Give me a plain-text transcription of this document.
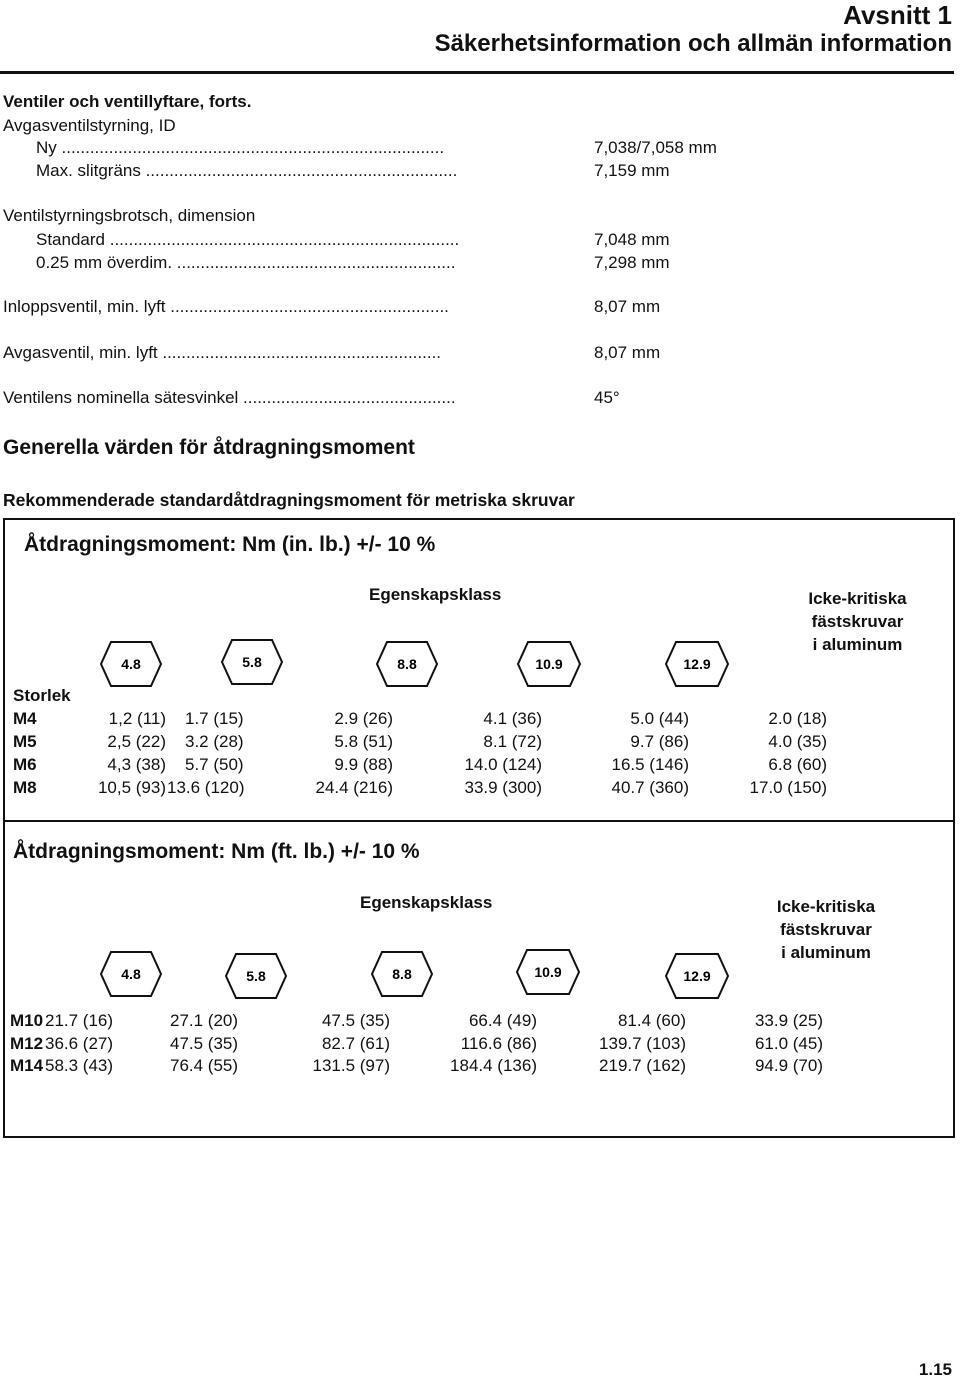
Avsnitt 1
Säkerhetsinformation och allmän information
Ventiler och ventillyftare, forts.
Avgasventilstyrning, ID
Ny .................................................................................	7,038/7,058 mm
Max. slitgräns ..................................................................	7,159 mm
Ventilstyrningsbrotsch, dimension
Standard ..........................................................................	7,048 mm
0.25 mm överdim. ...........................................................	7,298 mm
Inloppsventil, min. lyft ...........................................................	8,07 mm
Avgasventil, min. lyft ...........................................................	8,07 mm
Ventilens nominella sätesvinkel .............................................	45°
Generella värden för åtdragningsmoment
Rekommenderade standardåtdragningsmoment för metriska skruvar
Åtdragningsmoment: Nm (in. lb.) +/- 10 %
Egenskapsklass	Icke-kritiska
fästskruvar
i aluminum
4.8	5.8	8.8	10.9	12.9
Storlek
M4	1,2 (11) 1.7 (15)	2.9 (26)	4.1 (36)	5.0 (44)	2.0 (18)
M5	2,5 (22) 3.2 (28)	5.8 (51)	8.1 (72)	9.7 (86)	4.0 (35)
M6	4,3 (38) 5.7 (50)	9.9 (88)	14.0 (124)	16.5 (146)	6.8 (60)
M8	10,5 (93) 13.6 (120)	24.4 (216)	33.9 (300)	40.7 (360)	17.0 (150)
Åtdragningsmoment: Nm (ft. lb.) +/- 10 %
Egenskapsklass	Icke-kritiska
fästskruvar
i aluminum
4.8	5.8	8.8	10.9	12.9
M10 21.7 (16)	27.1 (20)	47.5 (35)	66.4 (49)	81.4 (60)	33.9 (25)
M12 36.6 (27)	47.5 (35)	82.7 (61)	116.6 (86)	139.7 (103)	61.0 (45)
M14 58.3 (43)	76.4 (55)	131.5 (97)	184.4 (136)	219.7 (162)	94.9 (70)
1.15
